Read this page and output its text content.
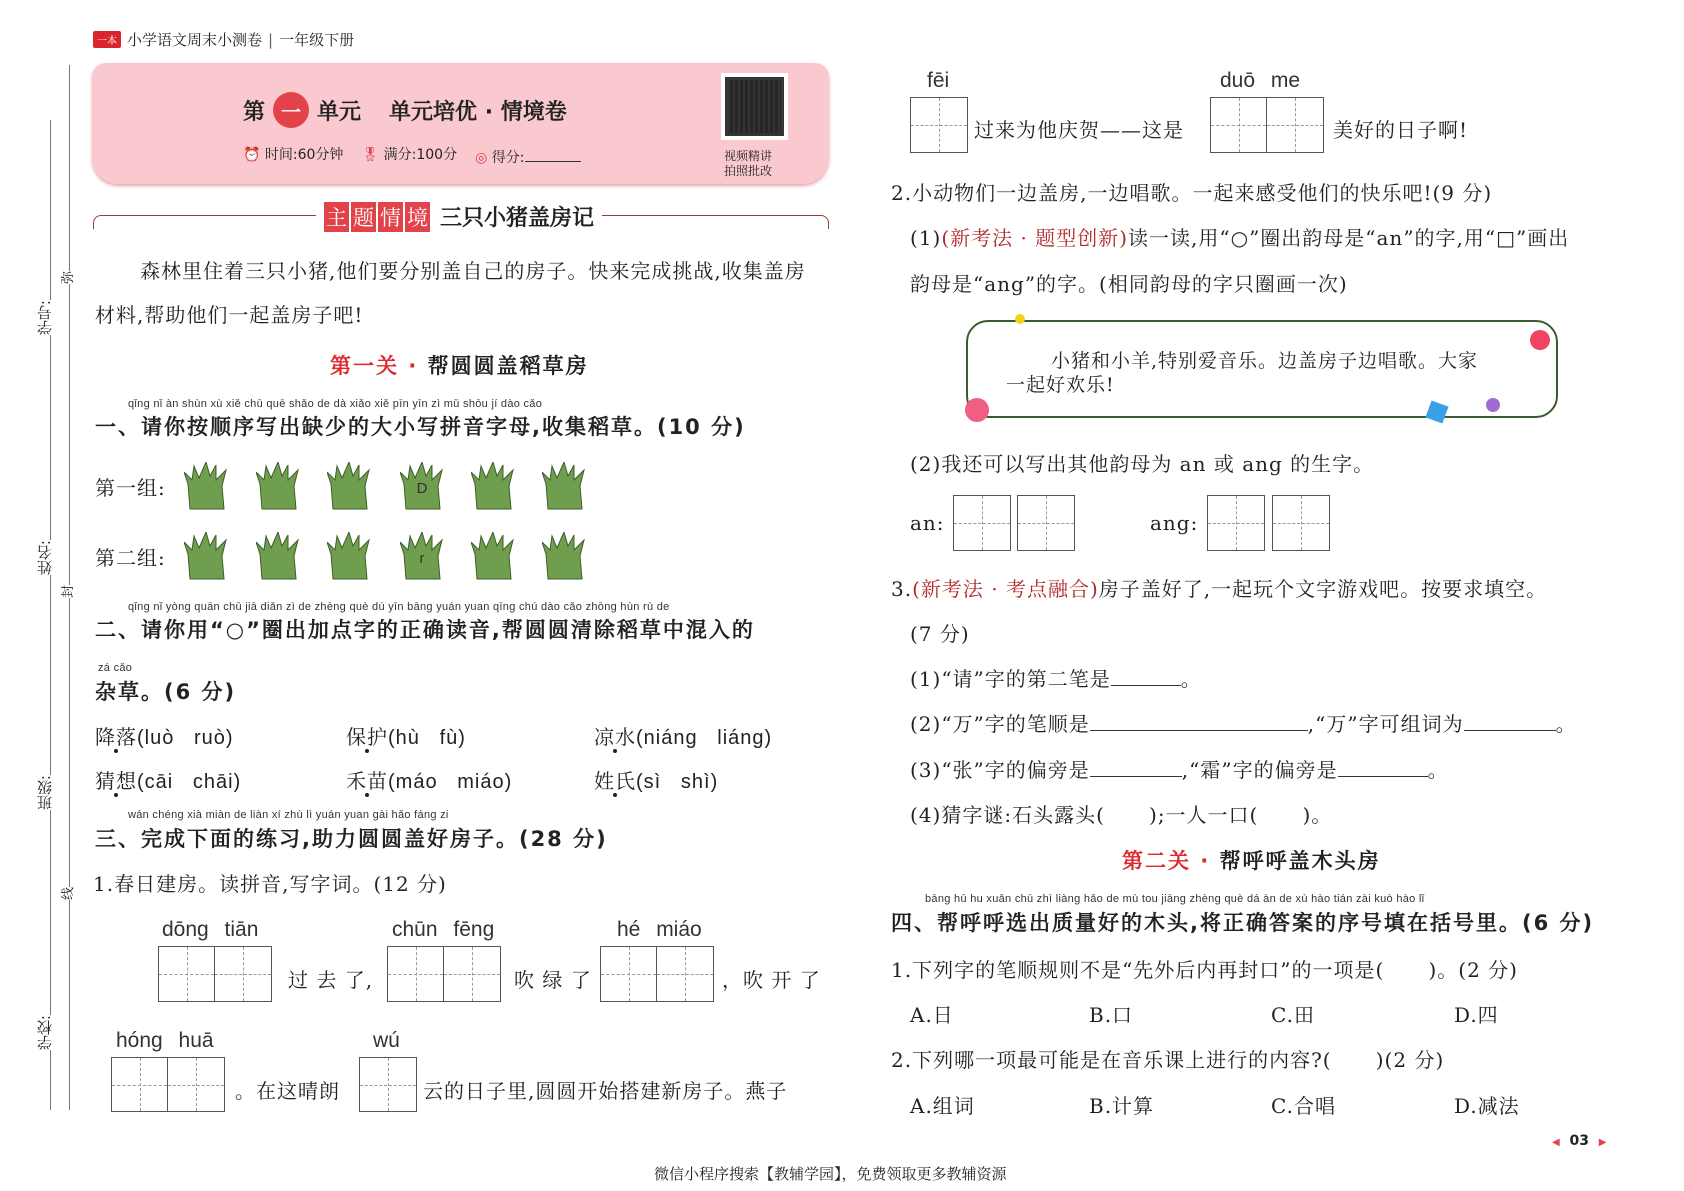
一本 小学语文周末小测卷 | 一年级下册
学号:
姓名:
班级:
学校:
弥
封
线
第 一 单元 单元培优 · 情境卷
⏰ 时间:60分钟 🎖 满分:100分 ◎ 得分:	视频精讲
拍照批改
主 题 情 境 三只小猪盖房记
森林里住着三只小猪,他们要分别盖自己的房子。快来完成挑战,收集盖房
材料,帮助他们一起盖房子吧!
第一关 · 帮圆圆盖稻草房
qǐng nǐ àn shùn xù xiě chū quē shǎo de dà xiǎo xiě pīn yīn zì mǔ shōu jí dào cǎo
一、请你按顺序写出缺少的大小写拼音字母,收集稻草。(10 分)
第一组:
第二组:
D
r
qǐng nǐ yòng quān chū jiā diǎn zì de zhèng què dú yīn bāng yuán yuan qīng chú dào cǎo zhōng hùn rù de
二、请你用“○”圈出加点字的正确读音,帮圆圆清除稻草中混入的
zá cǎo
杂草。(6 分)
降落(luò   ruò)	保护(hù   fù)	凉水(niáng   liáng)
猜想(cāi   chāi)	禾苗(máo   miáo)	姓氏(sì   shì)
wán chéng xià miàn de liàn xí zhù lì yuán yuan gài hǎo fáng zi
三、完成下面的练习,助力圆圆盖好房子。(28 分)
1.春日建房。读拼音,写字词。(12 分)
dōng tiān
过 去 了,
chūn fēng
吹 绿 了
hé miáo
，吹 开 了
hóng huā
。在这晴朗
wú
云的日子里,圆圆开始搭建新房子。燕子
fēi
过来为他庆贺——这是
duō me
美好的日子啊!
2.小动物们一边盖房,一边唱歌。一起来感受他们的快乐吧!(9 分)
(1)(新考法 · 题型创新)读一读,用“○”圈出韵母是“an”的字,用“□”画出
韵母是“ang”的字。(相同韵母的字只圈画一次)
小猪和小羊,特别爱音乐。边盖房子边唱歌。大家
一起好欢乐!
(2)我还可以写出其他韵母为 an 或 ang 的生字。
an:	ang:
3.(新考法 · 考点融合)房子盖好了,一起玩个文字游戏吧。按要求填空。
(7 分)
(1)“请”字的第二笔是	。
(2)“万”字的笔顺是	,“万”字可组词为	。
(3)“张”字的偏旁是	,“霜”字的偏旁是	。
(4)猜字谜:石头露头(      );一人一口(      )。
第二关 · 帮呼呼盖木头房
bāng hū hu xuǎn chū zhì liàng hǎo de mù tou jiāng zhèng què dá àn de xù hào tián zài kuò hào lǐ
四、帮呼呼选出质量好的木头,将正确答案的序号填在括号里。(6 分)
1.下列字的笔顺规则不是“先外后内再封口”的一项是(      )。(2 分)
A.日	B.口	C.田	D.四
2.下列哪一项最可能是在音乐课上进行的内容?(      )(2 分)
A.组词	B.计算	C.合唱	D.减法
◀ 03 ▶
微信小程序搜索【教辅学园】，免费领取更多教辅资源
